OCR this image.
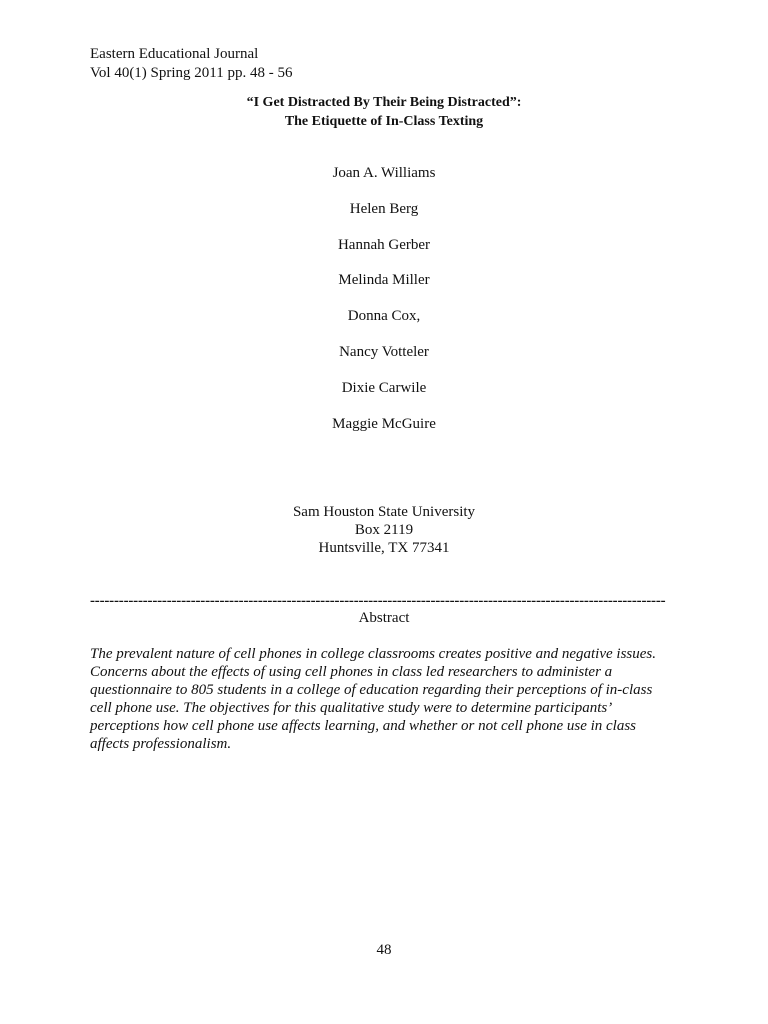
Eastern Educational Journal
Vol 40(1) Spring 2011 pp. 48 - 56
“I Get Distracted By Their Being Distracted”:
The Etiquette of In-Class Texting
Joan A. Williams
Helen Berg
Hannah Gerber
Melinda Miller
Donna Cox,
Nancy Votteler
Dixie Carwile
Maggie McGuire
Sam Houston State University
Box 2119
Huntsville, TX 77341
------------------------------------------------------------------------------------------------------------------------
Abstract
The prevalent nature of cell phones in college classrooms creates positive and negative issues.
Concerns about the effects of using cell phones in class led researchers to administer a
questionnaire to 805 students in a college of education regarding their perceptions of in-class
cell phone use. The objectives for this qualitative study were to determine participants’
perceptions how cell phone use affects learning, and whether or not cell phone use in class
affects professionalism.
48
